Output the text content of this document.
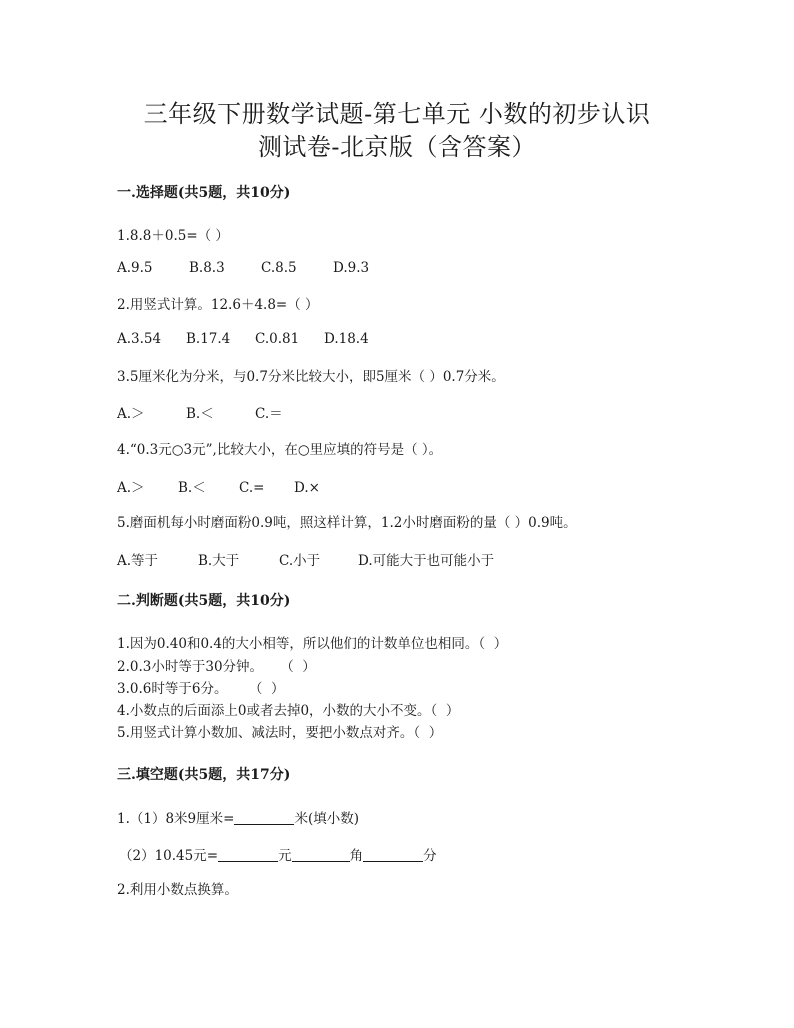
三年级下册数学试题-第七单元 小数的初步认识
测试卷-北京版（含答案）
一.选择题(共5题，共10分)
1.8.8＋0.5=（ ）
A.9.5	B.8.3	C.8.5	D.9.3
2.用竖式计算。12.6＋4.8=（ ）
A.3.54 B.17.4 C.0.81 D.18.4
3.5厘米化为分米，与0.7分米比较大小，即5厘米（ ）0.7分米。
A.＞	B.＜	C.＝
4.“0.3元○3元”,比较大小，在○里应填的符号是（ ）。
A.＞ B.＜ C.= D.×
5.磨面机每小时磨面粉0.9吨，照这样计算，1.2小时磨面粉的量（ ）0.9吨。
A.等于	B.大于	C.小于	D.可能大于也可能小于
二.判断题(共5题，共10分)
1.因为0.40和0.4的大小相等，所以他们的计数单位也相同。（  ）
2.0.3小时等于30分钟。    （  ）
3.0.6时等于6分。     （  ）
4.小数点的后面添上0或者去掉0，小数的大小不变。（  ）
5.用竖式计算小数加、减法时，要把小数点对齐。（  ）
三.填空题(共5题，共17分)
1.（1）8米9厘米=	米(填小数)
（2）10.45元=	元	角	分
2.利用小数点换算。
